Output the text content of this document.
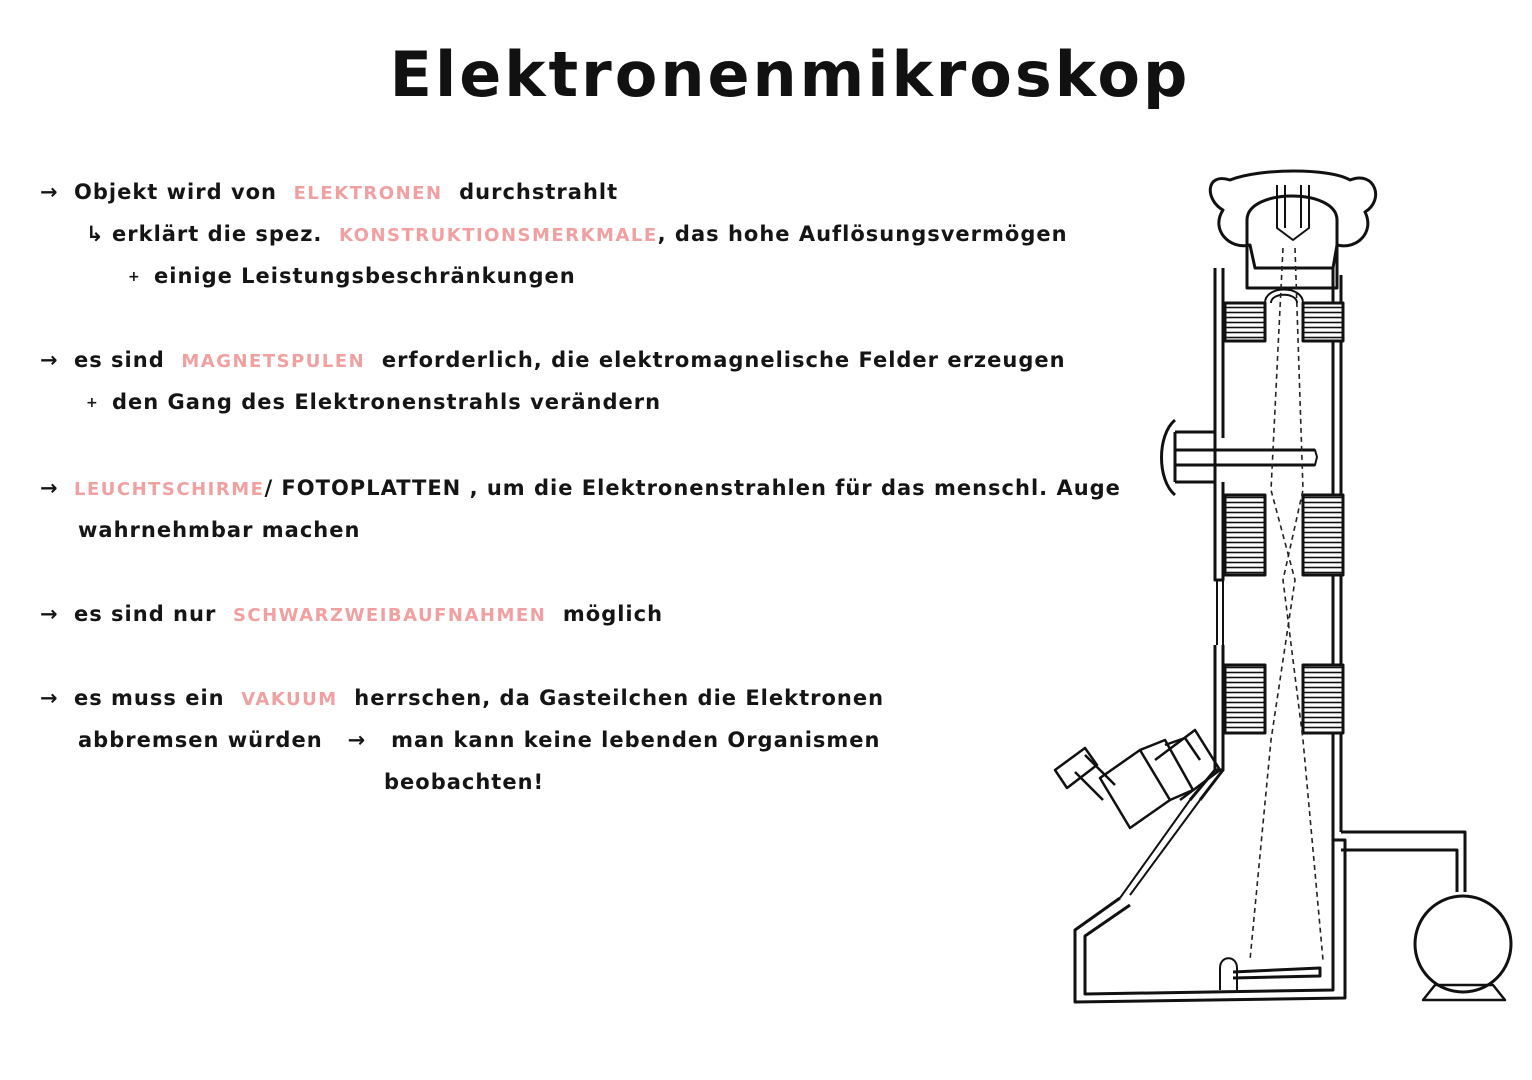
Elektronenmikroskop
→ Objekt wird von ELEKTRONEN durchstrahlt
↳ erklärt die spez. KONSTRUKTIONSMERKMALE, das hohe Auflösungsvermögen
+ einige Leistungsbeschränkungen
→ es sind MAGNETSPULEN erforderlich, die elektromagnelische Felder erzeugen
+ den Gang des Elektronenstrahls verändern
→ LEUCHTSCHIRME/ FOTOPLATTEN , um die Elektronenstrahlen für das menschl. Auge
wahrnehmbar machen
→ es sind nur SCHWARZWEIBAUFNAHMEN möglich
→ es muss ein VAKUUM herrschen, da Gasteilchen die Elektronen
abbremsen würden → man kann keine lebenden Organismen
beobachten!
